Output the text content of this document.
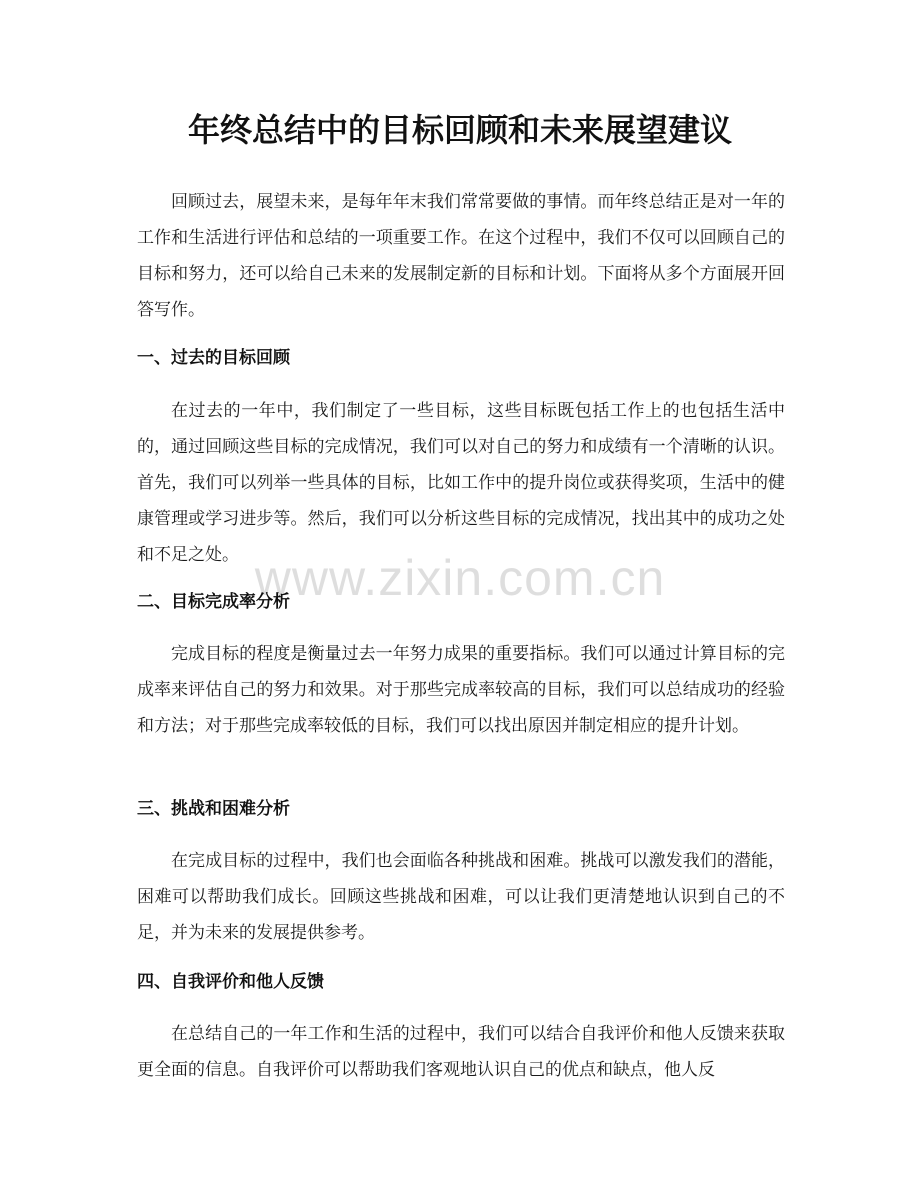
年终总结中的目标回顾和未来展望建议

回顾过去，展望未来，是每年年末我们常常要做的事情。而年终总结正是对一年的工作和生活进行评估和总结的一项重要工作。在这个过程中，我们不仅可以回顾自己的目标和努力，还可以给自己未来的发展制定新的目标和计划。下面将从多个方面展开回答写作。

一、过去的目标回顾

在过去的一年中，我们制定了一些目标，这些目标既包括工作上的也包括生活中的，通过回顾这些目标的完成情况，我们可以对自己的努力和成绩有一个清晰的认识。首先，我们可以列举一些具体的目标，比如工作中的提升岗位或获得奖项，生活中的健康管理或学习进步等。然后，我们可以分析这些目标的完成情况，找出其中的成功之处和不足之处。

二、目标完成率分析

完成目标的程度是衡量过去一年努力成果的重要指标。我们可以通过计算目标的完成率来评估自己的努力和效果。对于那些完成率较高的目标，我们可以总结成功的经验和方法；对于那些完成率较低的目标，我们可以找出原因并制定相应的提升计划。

三、挑战和困难分析

在完成目标的过程中，我们也会面临各种挑战和困难。挑战可以激发我们的潜能，困难可以帮助我们成长。回顾这些挑战和困难，可以让我们更清楚地认识到自己的不足，并为未来的发展提供参考。

四、自我评价和他人反馈

在总结自己的一年工作和生活的过程中，我们可以结合自我评价和他人反馈来获取更全面的信息。自我评价可以帮助我们客观地认识自己的优点和缺点，他人反

www.zixin.com.cn
